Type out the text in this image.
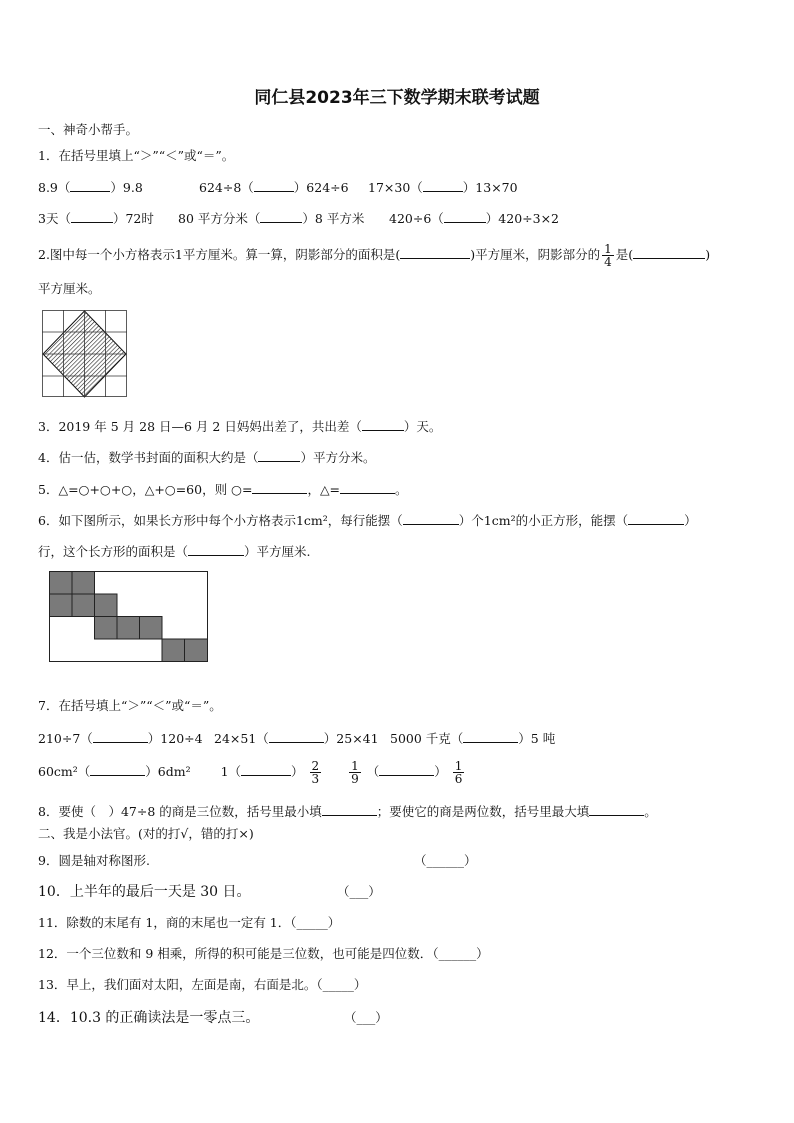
同仁县2023年三下数学期末联考试题
一、神奇小帮手。
1．在括号里填上“＞”“＜”或“＝”。
8.9（	）9.8	624÷8（	）624÷6 17×30（	）13×70
3天（	）72时 80 平方分米（	）8 平方米 420÷6（	）420÷3×2
2.图中每一个小方格表示1平方厘米。算一算，阴影部分的面积是(	)平方厘米，阴影部分的 $\frac{1}{4}$ 是(	)
平方厘米。
3．2019 年 5 月 28 日—6 月 2 日妈妈出差了，共出差（	）天。
4．估一估，数学书封面的面积大约是（	）平方分米。
5．△=○+○+○，△+○=60，则 ○=	，△=	。
6．如下图所示，如果长方形中每个小方格表示1cm²，每行能摆（	）个1cm²的小正方形，能摆（	）
行，这个长方形的面积是（	）平方厘米.
7．在括号填上“＞”“＜”或“＝”。
210÷7（	）120÷4 24×51（	）25×41 5000 千克（	）5 吨
60cm²（	）6dm² 1（	） $\frac{2}{3}$
$\frac{1}{9}$ （	） $\frac{1}{6}$
8．要使（　）47÷8 的商是三位数，括号里最小填	；要使它的商是两位数，括号里最大填	。
二、我是小法官。(对的打√，错的打×)
9．圆是轴对称图形.	（______）
10．上半年的最后一天是 30 日。	（___）
11．除数的末尾有 1，商的末尾也一定有 1．（_____）
12．一个三位数和 9 相乘，所得的积可能是三位数，也可能是四位数．（______）
13．早上，我们面对太阳，左面是南，右面是北。（_____）
14．10.3 的正确读法是一零点三。	（___）
